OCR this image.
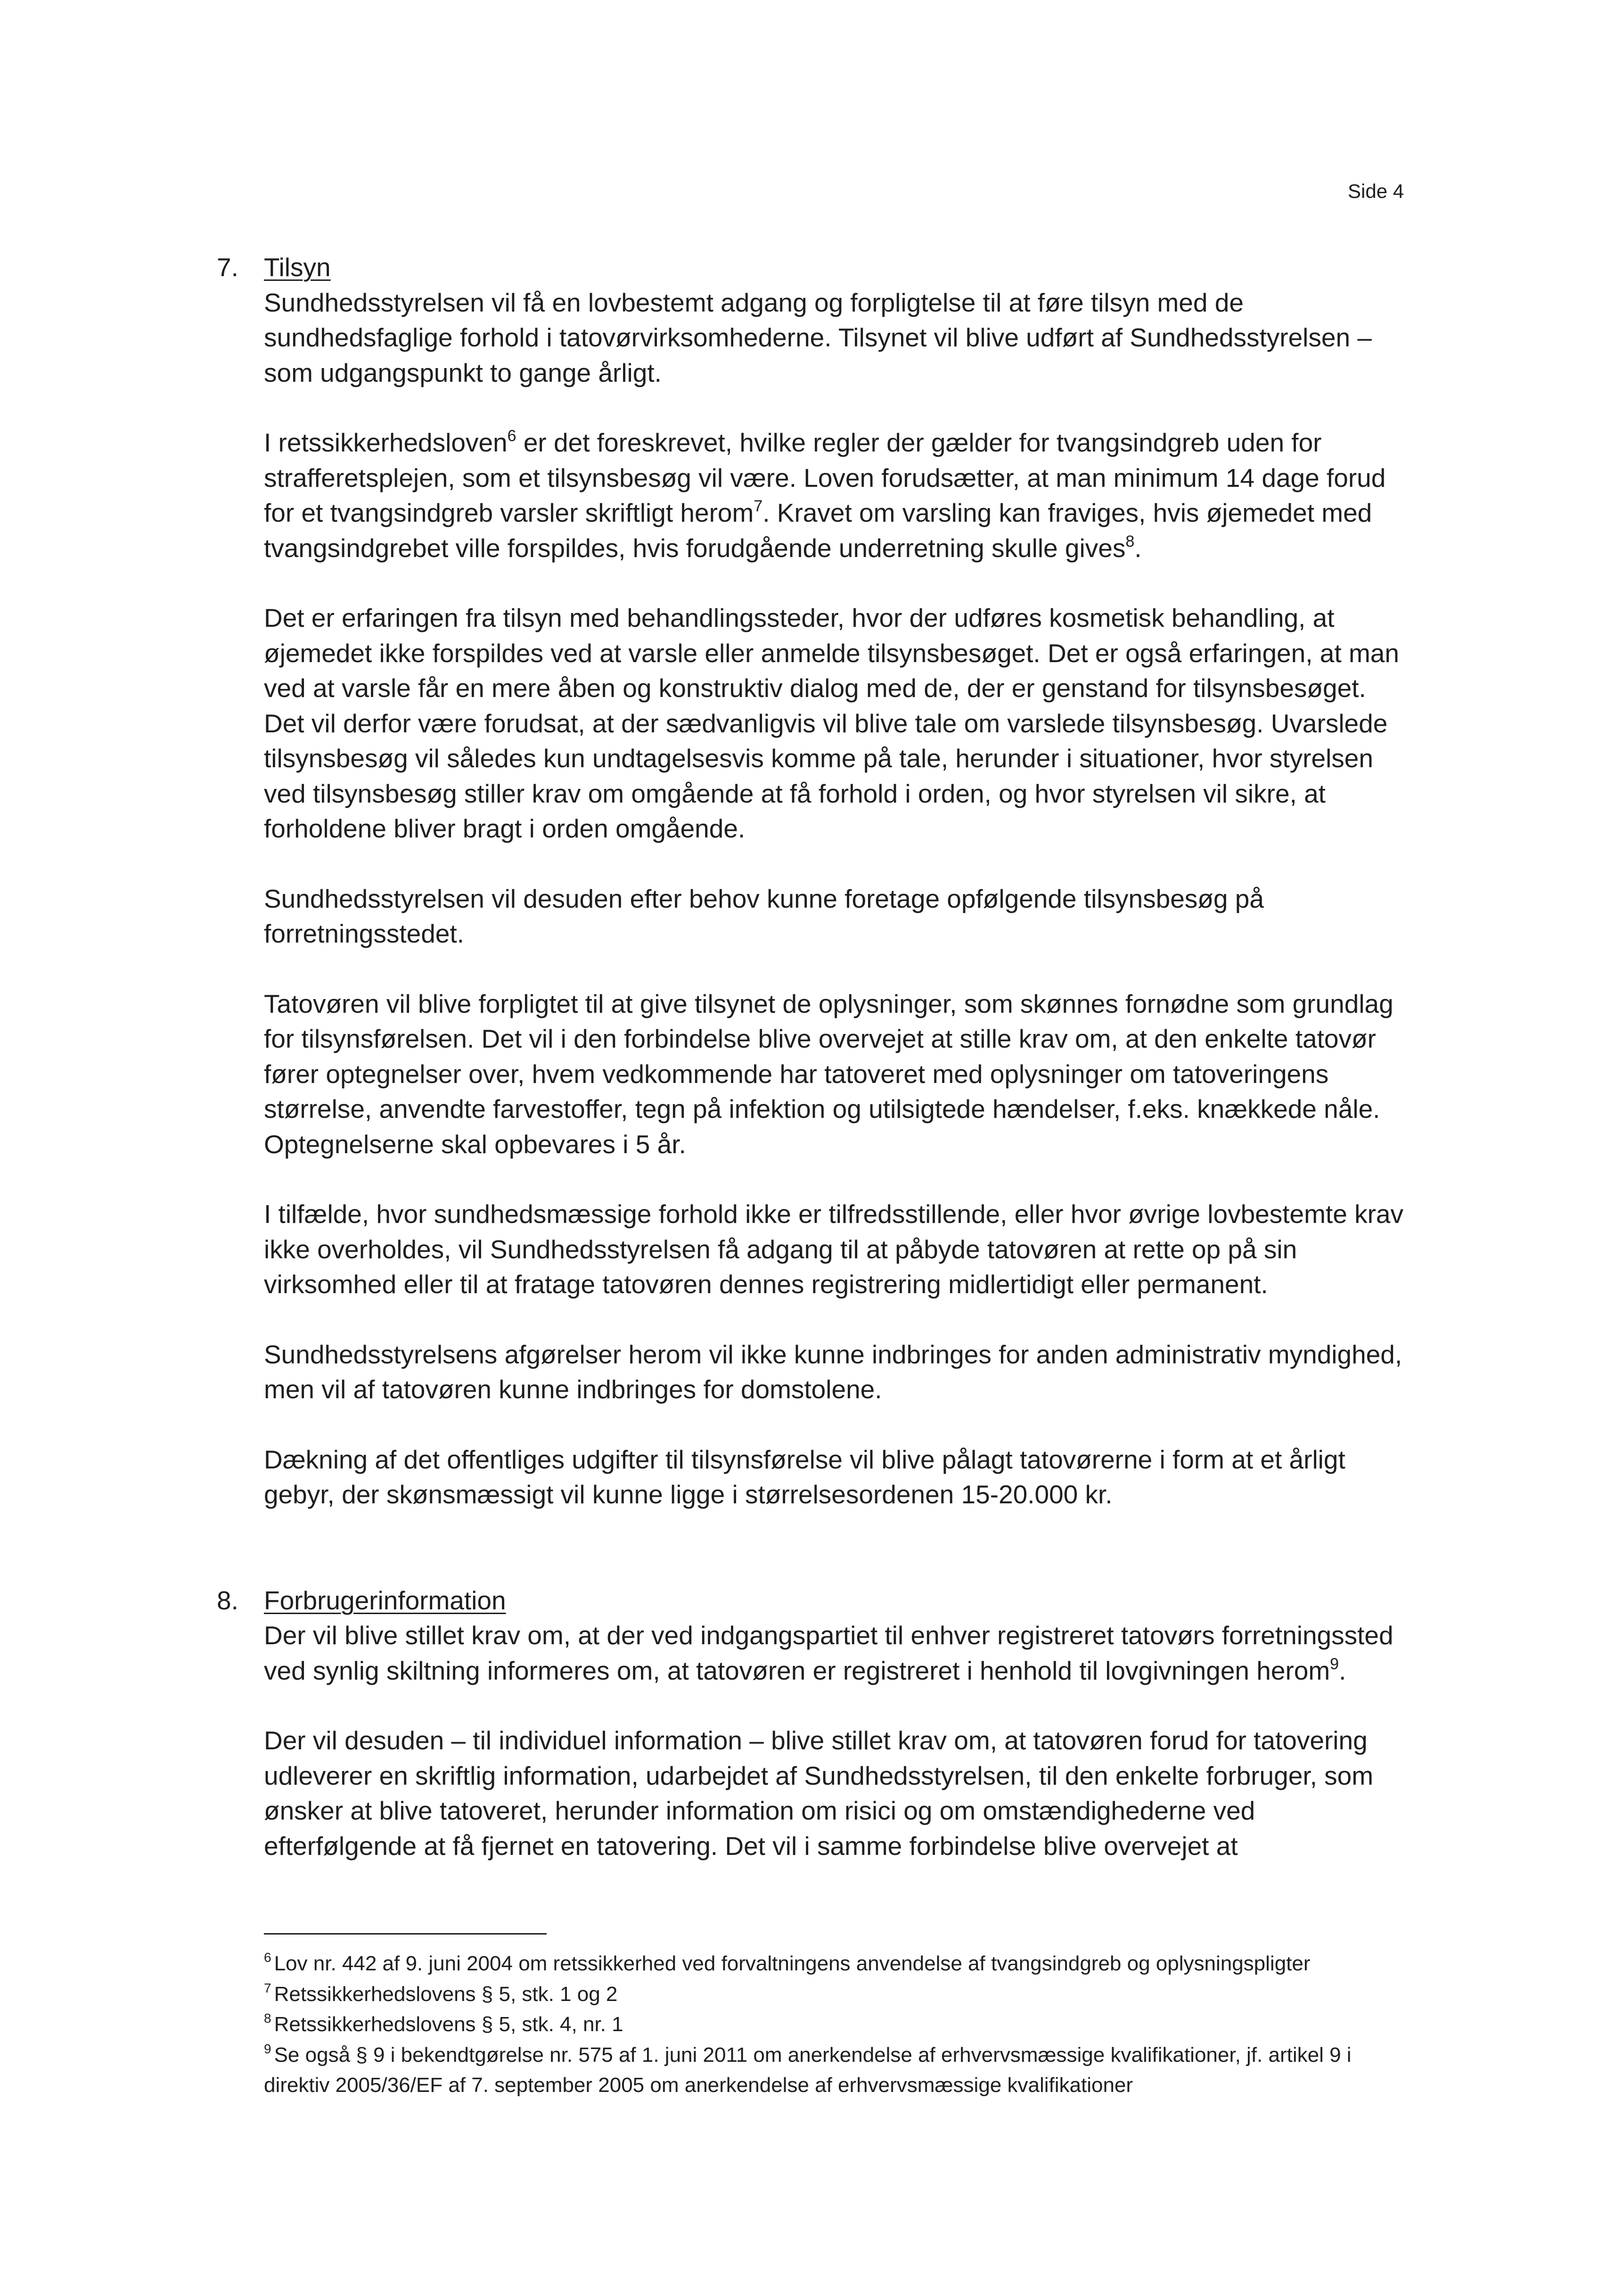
Side 4
7. Tilsyn

Sundhedsstyrelsen vil få en lovbestemt adgang og forpligtelse til at føre tilsyn med de sundhedsfaglige forhold i tatovørvirksomhederne. Tilsynet vil blive udført af Sundhedsstyrelsen – som udgangspunkt to gange årligt.

I retssikkerhedsloven$^6$ er det foreskrevet, hvilke regler der gælder for tvangsindgreb uden for strafferetsplejen, som et tilsynsbesøg vil være. Loven forudsætter, at man minimum 14 dage forud for et tvangsindgreb varsler skriftligt herom$^7$. Kravet om varsling kan fraviges, hvis øjemedet med tvangsindgrebet ville forspildes, hvis forudgående underretning skulle gives$^8$.

Det er erfaringen fra tilsyn med behandlingssteder, hvor der udføres kosmetisk behandling, at øjemedet ikke forspildes ved at varsle eller anmelde tilsynsbesøget. Det er også erfaringen, at man ved at varsle får en mere åben og konstruktiv dialog med de, der er genstand for tilsynsbesøget. Det vil derfor være forudsat, at der sædvanligvis vil blive tale om varslede tilsynsbesøg. Uvarslede tilsynsbesøg vil således kun undtagelsesvis komme på tale, herunder i situationer, hvor styrelsen ved tilsynsbesøg stiller krav om omgående at få forhold i orden, og hvor styrelsen vil sikre, at forholdene bliver bragt i orden omgående.

Sundhedsstyrelsen vil desuden efter behov kunne foretage opfølgende tilsynsbesøg på forretningsstedet.

Tatovøren vil blive forpligtet til at give tilsynet de oplysninger, som skønnes fornødne som grundlag for tilsynsførelsen. Det vil i den forbindelse blive overvejet at stille krav om, at den enkelte tatovør fører optegnelser over, hvem vedkommende har tatoveret med oplysninger om tatoveringens størrelse, anvendte farvestoffer, tegn på infektion og utilsigtede hændelser, f.eks. knækkede nåle. Optegnelserne skal opbevares i 5 år.

I tilfælde, hvor sundhedsmæssige forhold ikke er tilfredsstillende, eller hvor øvrige lovbestemte krav ikke overholdes, vil Sundhedsstyrelsen få adgang til at påbyde tatovøren at rette op på sin virksomhed eller til at fratage tatovøren dennes registrering midlertidigt eller permanent.

Sundhedsstyrelsens afgørelser herom vil ikke kunne indbringes for anden administrativ myndighed, men vil af tatovøren kunne indbringes for domstolene.

Dækning af det offentliges udgifter til tilsynsførelse vil blive pålagt tatovørerne i form at et årligt gebyr, der skønsmæssigt vil kunne ligge i størrelsesordenen 15-20.000 kr.

8. Forbrugerinformation

Der vil blive stillet krav om, at der ved indgangspartiet til enhver registreret tatovørs forretningssted ved synlig skiltning informeres om, at tatovøren er registreret i henhold til lovgivningen herom$^9$.

Der vil desuden – til individuel information – blive stillet krav om, at tatovøren forud for tatovering udleverer en skriftlig information, udarbejdet af Sundhedsstyrelsen, til den enkelte forbruger, som ønsker at blive tatoveret, herunder information om risici og om omstændighederne ved efterfølgende at få fjernet en tatovering. Det vil i samme forbindelse blive overvejet at

$^6$ Lov nr. 442 af 9. juni 2004 om retssikkerhed ved forvaltningens anvendelse af tvangsindgreb og oplysningspligter
$^7$ Retssikkerhedslovens § 5, stk. 1 og 2
$^8$ Retssikkerhedslovens § 5, stk. 4, nr. 1
$^9$ Se også § 9 i bekendtgørelse nr. 575 af 1. juni 2011 om anerkendelse af erhvervsmæssige kvalifikationer, jf. artikel 9 i direktiv 2005/36/EF af 7. september 2005 om anerkendelse af erhvervsmæssige kvalifikationer
